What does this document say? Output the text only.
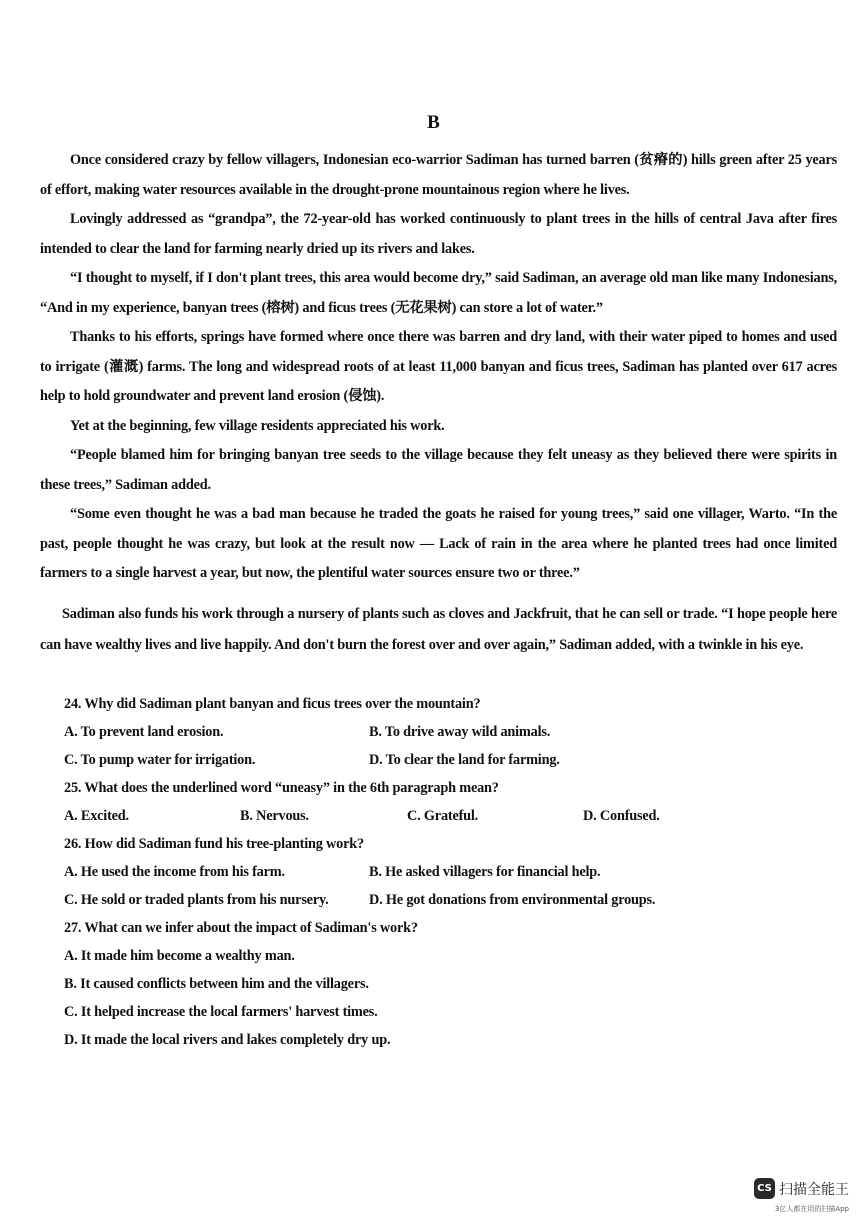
B

Once considered crazy by fellow villagers, Indonesian eco-warrior Sadiman has turned barren (贫瘠的) hills green after 25 years of effort, making water resources available in the drought-prone mountainous region where he lives.

Lovingly addressed as “grandpa”, the 72-year-old has worked continuously to plant trees in the hills of central Java after fires intended to clear the land for farming nearly dried up its rivers and lakes.

“I thought to myself, if I don't plant trees, this area would become dry,” said Sadiman, an average old man like many Indonesians, “And in my experience, banyan trees (榕树) and ficus trees (无花果树) can store a lot of water.”

Thanks to his efforts, springs have formed where once there was barren and dry land, with their water piped to homes and used to irrigate (灌溉) farms. The long and widespread roots of at least 11,000 banyan and ficus trees, Sadiman has planted over 617 acres help to hold groundwater and prevent land erosion (侵蚀).

Yet at the beginning, few village residents appreciated his work.

“People blamed him for bringing banyan tree seeds to the village because they felt uneasy as they believed there were spirits in these trees,” Sadiman added.

“Some even thought he was a bad man because he traded the goats he raised for young trees,” said one villager, Warto. “In the past, people thought he was crazy, but look at the result now — Lack of rain in the area where he planted trees had once limited farmers to a single harvest a year, but now, the plentiful water sources ensure two or three.”

Sadiman also funds his work through a nursery of plants such as cloves and Jackfruit, that he can sell or trade. “I hope people here can have wealthy lives and live happily. And don't burn the forest over and over again,” Sadiman added, with a twinkle in his eye.

24. Why did Sadiman plant banyan and ficus trees over the mountain?
A. To prevent land erosion.	B. To drive away wild animals.
C. To pump water for irrigation.	D. To clear the land for farming.
25. What does the underlined word “uneasy” in the 6th paragraph mean?
A. Excited.	B. Nervous.	C. Grateful.	D. Confused.
26. How did Sadiman fund his tree-planting work?
A. He used the income from his farm.	B. He asked villagers for financial help.
C. He sold or traded plants from his nursery.	D. He got donations from environmental groups.
27. What can we infer about the impact of Sadiman's work?
A. It made him become a wealthy man.
B. It caused conflicts between him and the villagers.
C. It helped increase the local farmers' harvest times.
D. It made the local rivers and lakes completely dry up.
CS 扫描全能王
3亿人都在用的扫描App
